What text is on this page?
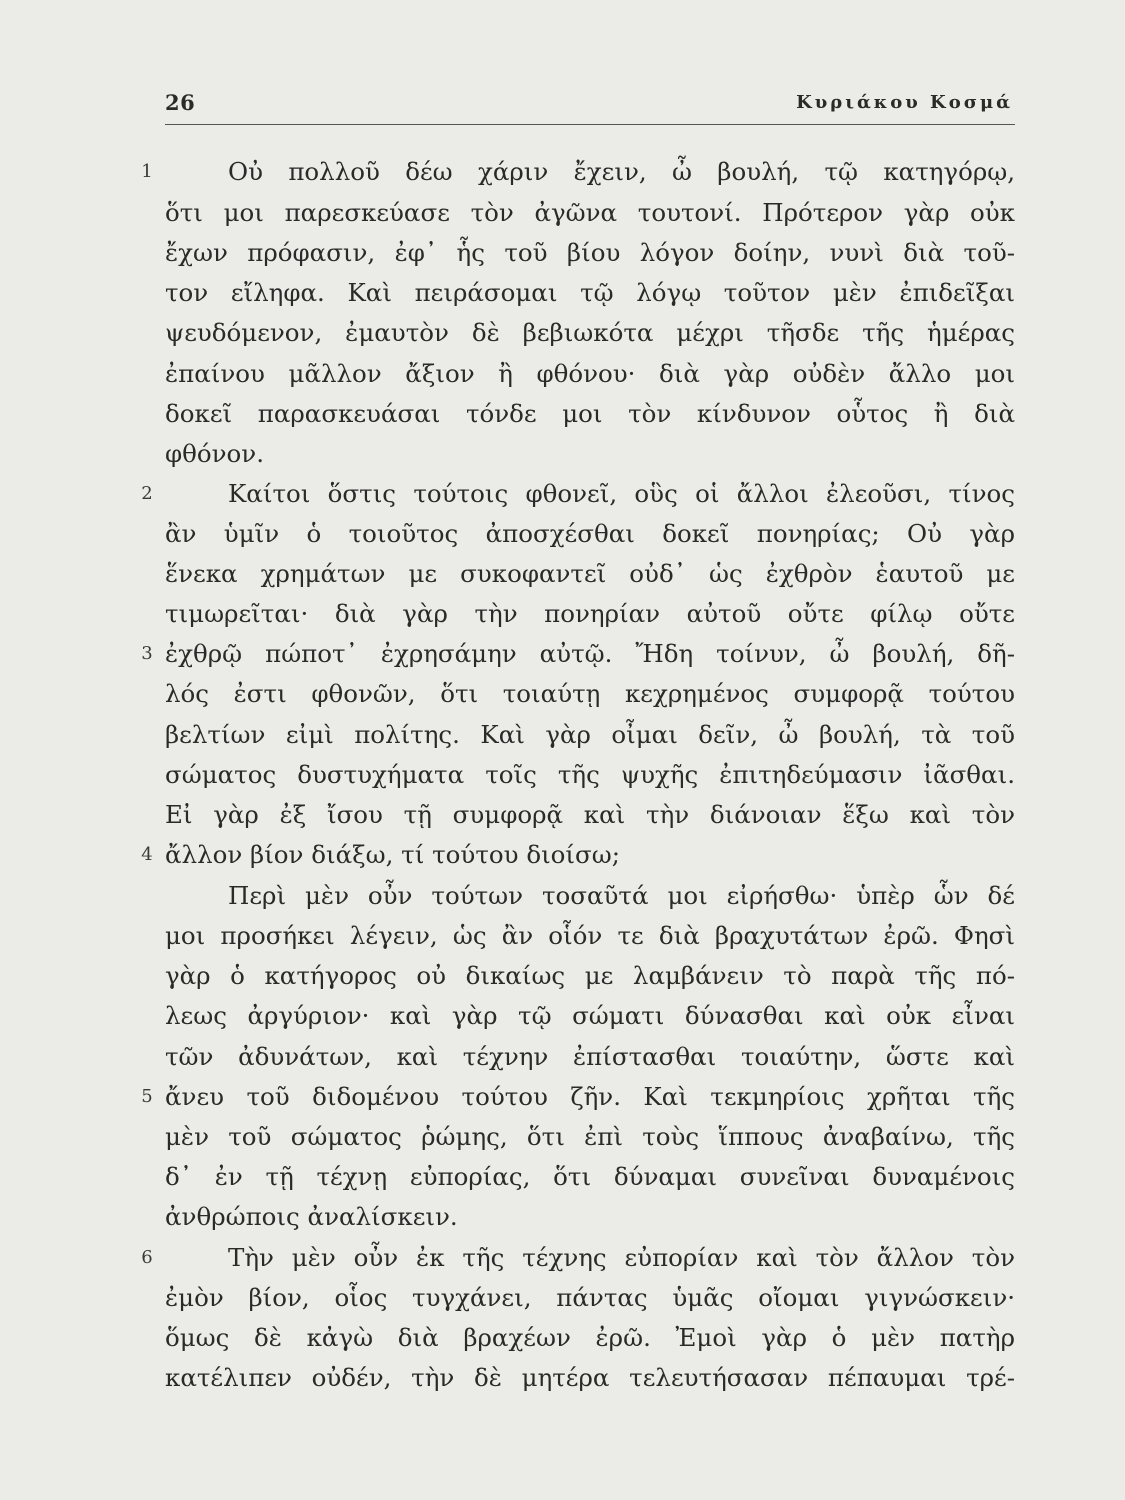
26	Κυριάκου Κοσμά
1
2
3
4
5
6
Οὐ πολλοῦ δέω χάριν ἔχειν, ὦ βουλή, τῷ κατηγόρῳ,
ὅτι μοι παρεσκεύασε τὸν ἀγῶνα τουτονί. Πρότερον γὰρ οὐκ
ἔχων πρόφασιν, ἐφ᾽ ἧς τοῦ βίου λόγον δοίην, νυνὶ διὰ τοῦ-
τον εἴληφα. Καὶ πειράσομαι τῷ λόγῳ τοῦτον μὲν ἐπιδεῖξαι
ψευδόμενον, ἐμαυτὸν δὲ βεβιωκότα μέχρι τῆσδε τῆς ἡμέρας
ἐπαίνου μᾶλλον ἄξιον ἢ φθόνου· διὰ γὰρ οὐδὲν ἄλλο μοι
δοκεῖ παρασκευάσαι τόνδε μοι τὸν κίνδυνον οὗτος ἢ διὰ
φθόνον.
Καίτοι ὅστις τούτοις φθονεῖ, οὓς οἱ ἄλλοι ἐλεοῦσι, τίνος
ἂν ὑμῖν ὁ τοιοῦτος ἀποσχέσθαι δοκεῖ πονηρίας; Οὐ γὰρ
ἕνεκα χρημάτων με συκοφαντεῖ οὐδ᾽ ὡς ἐχθρὸν ἑαυτοῦ με
τιμωρεῖται· διὰ γὰρ τὴν πονηρίαν αὐτοῦ οὔτε φίλῳ οὔτε
ἐχθρῷ πώποτ᾽ ἐχρησάμην αὐτῷ. Ἤδη τοίνυν, ὦ βουλή, δῆ-
λός ἐστι φθονῶν, ὅτι τοιαύτῃ κεχρημένος συμφορᾷ τούτου
βελτίων εἰμὶ πολίτης. Καὶ γὰρ οἶμαι δεῖν, ὦ βουλή, τὰ τοῦ
σώματος δυστυχήματα τοῖς τῆς ψυχῆς ἐπιτηδεύμασιν ἰᾶσθαι.
Εἰ γὰρ ἐξ ἴσου τῇ συμφορᾷ καὶ τὴν διάνοιαν ἕξω καὶ τὸν
ἄλλον βίον διάξω, τί τούτου διοίσω;
Περὶ μὲν οὖν τούτων τοσαῦτά μοι εἰρήσθω· ὑπὲρ ὧν δέ
μοι προσήκει λέγειν, ὡς ἂν οἷόν τε διὰ βραχυτάτων ἐρῶ. Φησὶ
γὰρ ὁ κατήγορος οὐ δικαίως με λαμβάνειν τὸ παρὰ τῆς πό-
λεως ἀργύριον· καὶ γὰρ τῷ σώματι δύνασθαι καὶ οὐκ εἶναι
τῶν ἀδυνάτων, καὶ τέχνην ἐπίστασθαι τοιαύτην, ὥστε καὶ
ἄνευ τοῦ διδομένου τούτου ζῆν. Καὶ τεκμηρίοις χρῆται τῆς
μὲν τοῦ σώματος ῥώμης, ὅτι ἐπὶ τοὺς ἵππους ἀναβαίνω, τῆς
δ᾽ ἐν τῇ τέχνῃ εὐπορίας, ὅτι δύναμαι συνεῖναι δυναμένοις
ἀνθρώποις ἀναλίσκειν.
Τὴν μὲν οὖν ἐκ τῆς τέχνης εὐπορίαν καὶ τὸν ἄλλον τὸν
ἐμὸν βίον, οἷος τυγχάνει, πάντας ὑμᾶς οἴομαι γιγνώσκειν·
ὅμως δὲ κἀγὼ διὰ βραχέων ἐρῶ. Ἐμοὶ γὰρ ὁ μὲν πατὴρ
κατέλιπεν οὐδέν, τὴν δὲ μητέρα τελευτήσασαν πέπαυμαι τρέ-
